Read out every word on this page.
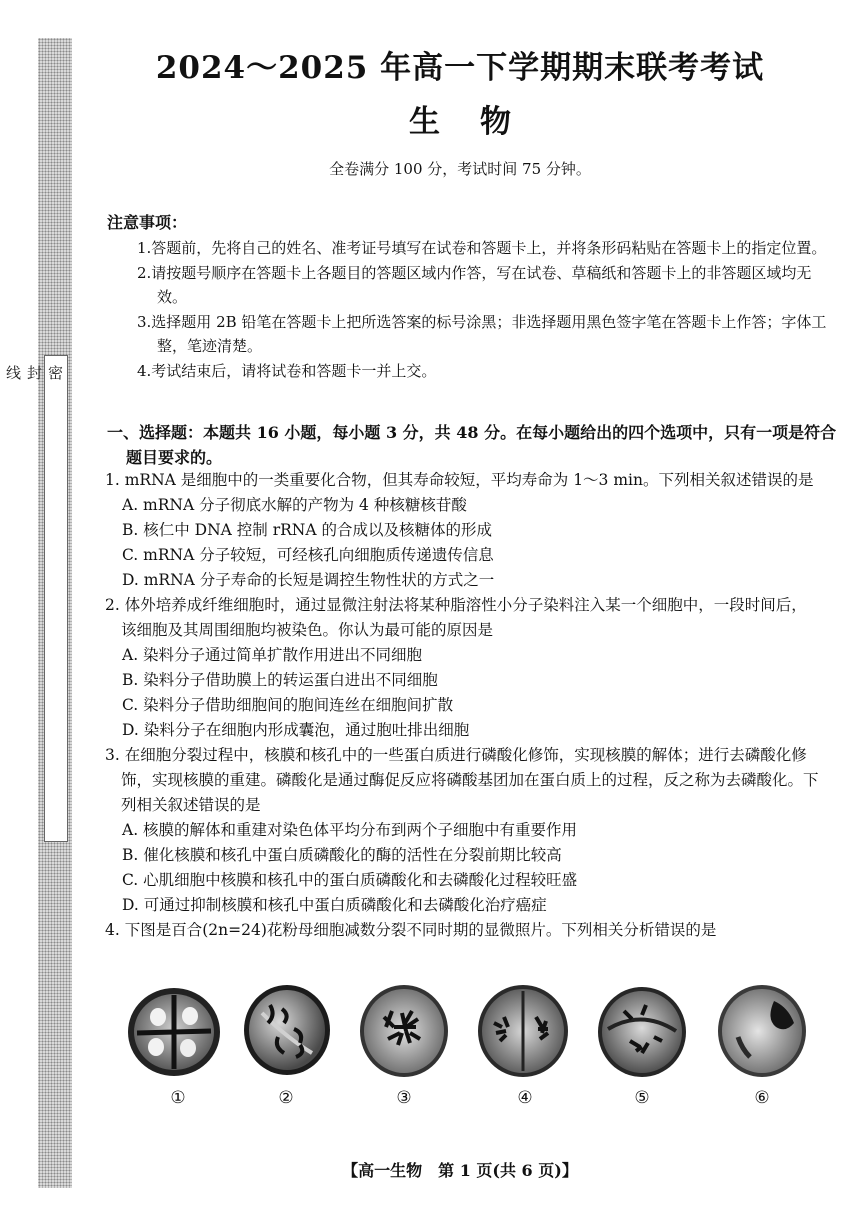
密
封
线
2024～2025 年高一下学期期末联考考试
生物

全卷满分 100 分，考试时间 75 分钟。

注意事项：

1.答题前，先将自己的姓名、准考证号填写在试卷和答题卡上，并将条形码粘贴在答题卡上的指定位置。
2.请按题号顺序在答题卡上各题目的答题区域内作答，写在试卷、草稿纸和答题卡上的非答题区域均无效。
3.选择题用 2B 铅笔在答题卡上把所选答案的标号涂黑；非选择题用黑色签字笔在答题卡上作答；字体工整，笔迹清楚。
4.考试结束后，请将试卷和答题卡一并上交。

一、选择题：本题共 16 小题，每小题 3 分，共 48 分。在每小题给出的四个选项中，只有一项是符合题目要求的。

1. mRNA 是细胞中的一类重要化合物，但其寿命较短，平均寿命为 1～3 min。下列相关叙述错误的是

A. mRNA 分子彻底水解的产物为 4 种核糖核苷酸

B. 核仁中 DNA 控制 rRNA 的合成以及核糖体的形成

C. mRNA 分子较短，可经核孔向细胞质传递遗传信息

D. mRNA 分子寿命的长短是调控生物性状的方式之一

2. 体外培养成纤维细胞时，通过显微注射法将某种脂溶性小分子染料注入某一个细胞中，一段时间后，该细胞及其周围细胞均被染色。你认为最可能的原因是

A. 染料分子通过简单扩散作用进出不同细胞

B. 染料分子借助膜上的转运蛋白进出不同细胞

C. 染料分子借助细胞间的胞间连丝在细胞间扩散

D. 染料分子在细胞内形成囊泡，通过胞吐排出细胞

3. 在细胞分裂过程中，核膜和核孔中的一些蛋白质进行磷酸化修饰，实现核膜的解体；进行去磷酸化修饰，实现核膜的重建。磷酸化是通过酶促反应将磷酸基团加在蛋白质上的过程，反之称为去磷酸化。下列相关叙述错误的是

A. 核膜的解体和重建对染色体平均分布到两个子细胞中有重要作用

B. 催化核膜和核孔中蛋白质磷酸化的酶的活性在分裂前期比较高

C. 心肌细胞中核膜和核孔中的蛋白质磷酸化和去磷酸化过程较旺盛

D. 可通过抑制核膜和核孔中蛋白质磷酸化和去磷酸化治疗癌症

4. 下图是百合(2n=24)花粉母细胞减数分裂不同时期的显微照片。下列相关分析错误的是

①	②	③	④	⑤	⑥

【高一生物　第 1 页(共 6 页)】
